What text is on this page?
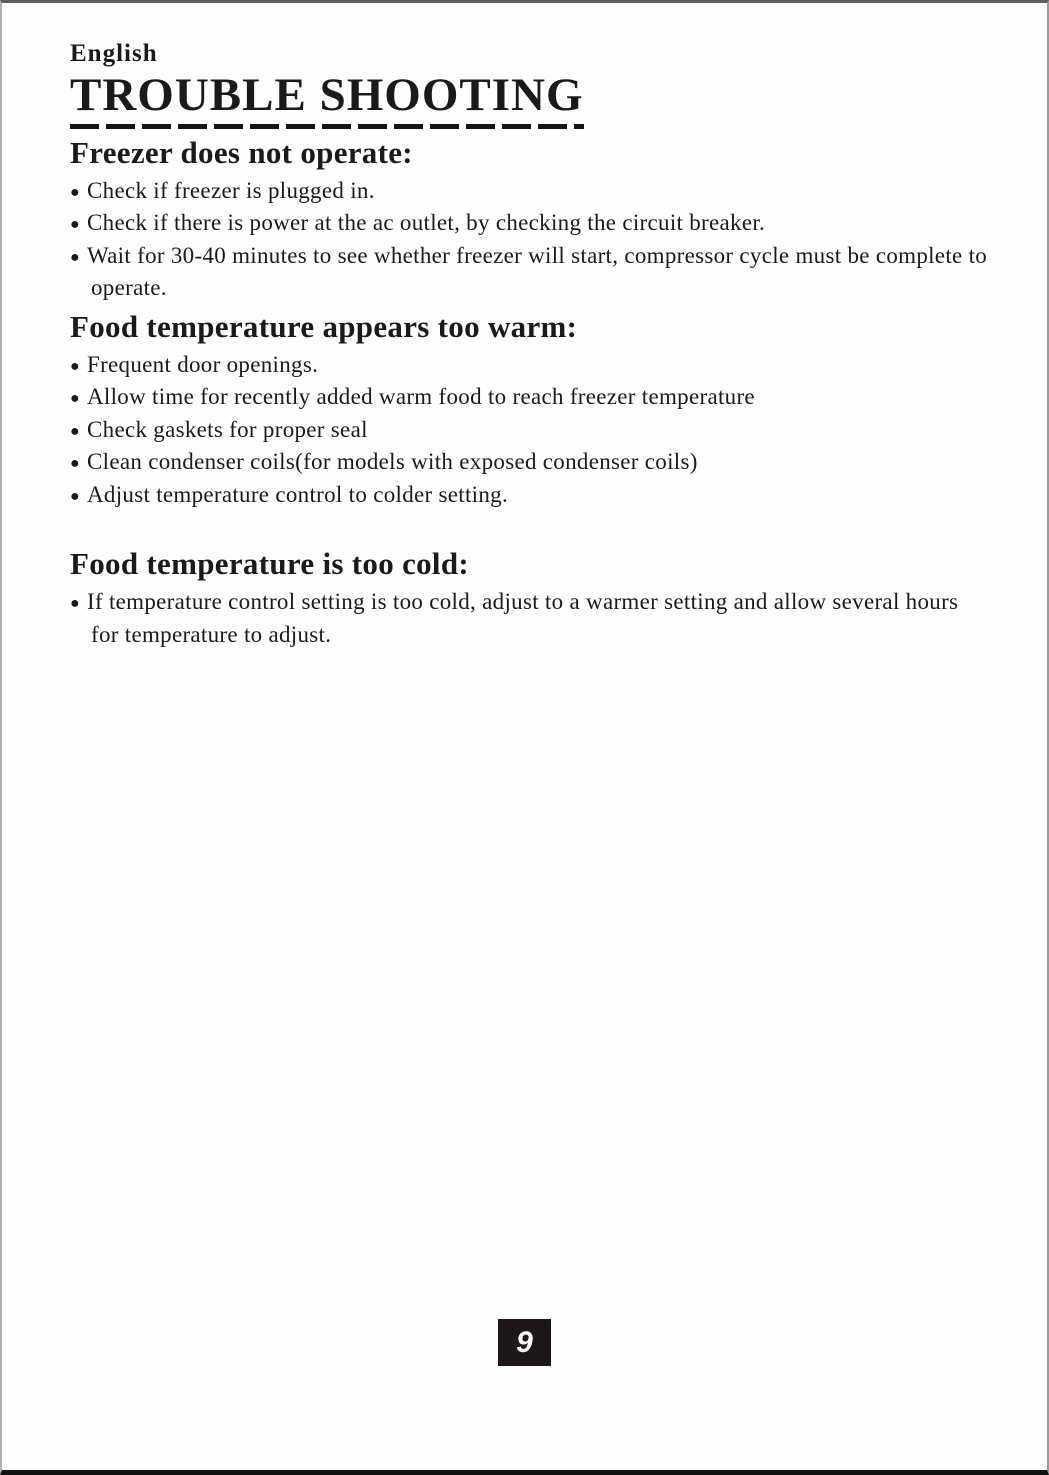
English

TROUBLE SHOOTING
Freezer does not operate:
● Check if freezer is plugged in.
● Check if there is power at the ac outlet, by checking the circuit breaker.
● Wait for 30-40 minutes to see whether freezer will start, compressor cycle must be complete to operate.
Food temperature appears too warm:
● Frequent door openings.
● Allow time for recently added warm food to reach freezer temperature
● Check gaskets for proper seal
● Clean condenser coils(for models with exposed condenser coils)
● Adjust temperature control to colder setting.
Food temperature is too cold:
● If temperature control setting is too cold, adjust to a warmer setting and allow several hours for temperature to adjust.
9
